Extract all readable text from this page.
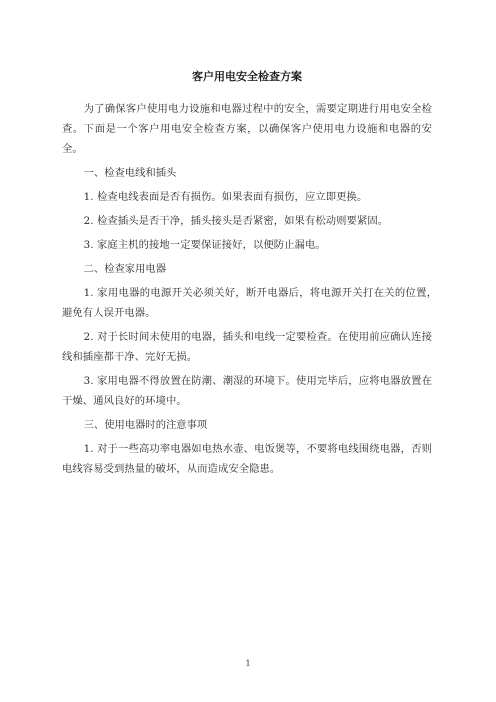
客户用电安全检查方案

为了确保客户使用电力设施和电器过程中的安全，需要定期进行用电安全检查。下面是一个客户用电安全检查方案，以确保客户使用电力设施和电器的安全。

一、检查电线和插头

1. 检查电线表面是否有损伤。如果表面有损伤，应立即更换。

2. 检查插头是否干净，插头接头是否紧密，如果有松动则要紧固。

3. 家庭主机的接地一定要保证接好，以便防止漏电。

二、检查家用电器

1. 家用电器的电源开关必须关好，断开电器后，将电源开关打在关的位置，　避免有人误开电器。

2. 对于长时间未使用的电器，插头和电线一定要检查。在使用前应确认连接线和插座都干净、完好无损。

3. 家用电器不得放置在防潮、潮湿的环境下。使用完毕后，应将电器放置在干燥、通风良好的环境中。

三、使用电器时的注意事项

1. 对于一些高功率电器如电热水壶、电饭煲等，不要将电线围绕电器，否则电线容易受到热量的破坏，从而造成安全隐患。

1
